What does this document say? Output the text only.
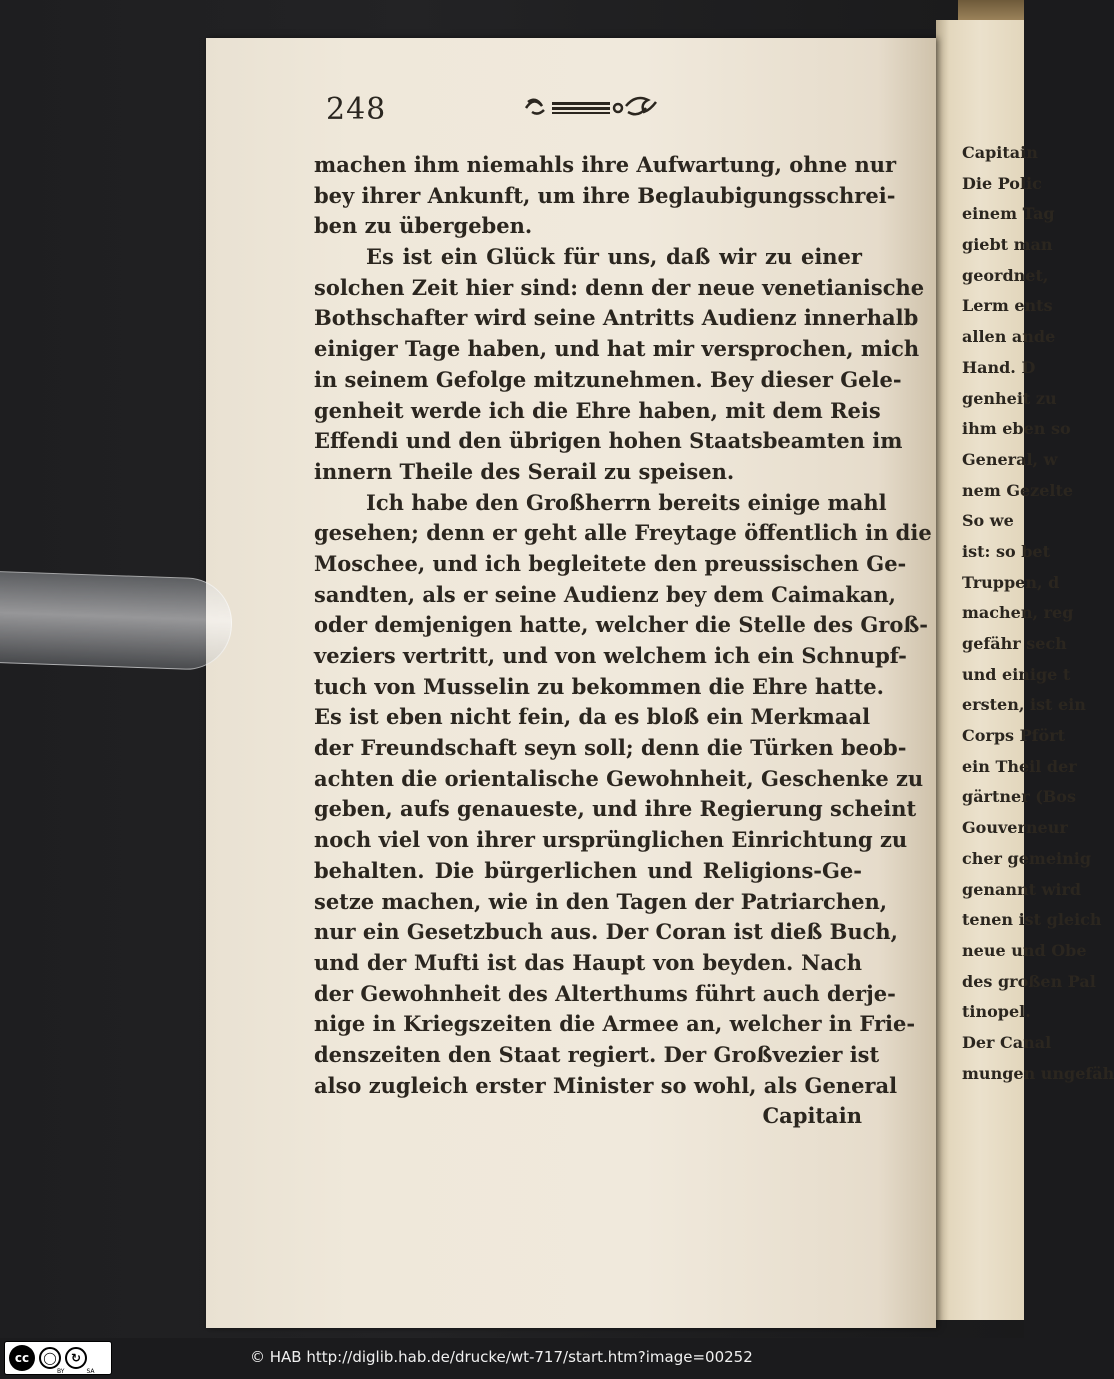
Capitain
Die Polic
einem Tag
giebt man
geordnet,
Lerm ents
allen ande
Hand. D
genheit zu
ihm eben so
General, w
nem Gezelte
So we
ist: so bet
Truppen, d
machen, reg
gefähr sech
und einige t
ersten, ist ein
Corps Pfört
ein Theil der
gärtner (Bos
Gouverneur
cher gemeinig
genannt wird
tenen ist gleich
neue und Obe
des großen Pal
tinopel.
Der Canal
mungen ungefäh
248
machen ihm niemahls ihre Aufwartung, ohne nur
bey ihrer Ankunft, um ihre Beglaubigungsschrei-
ben zu übergeben.
Es ist ein Glück für uns, daß wir zu einer
solchen Zeit hier sind: denn der neue venetianische
Bothschafter wird seine Antritts Audienz innerhalb
einiger Tage haben, und hat mir versprochen, mich
in seinem Gefolge mitzunehmen. Bey dieser Gele-
genheit werde ich die Ehre haben, mit dem Reis
Effendi und den übrigen hohen Staatsbeamten im
innern Theile des Serail zu speisen.
Ich habe den Großherrn bereits einige mahl
gesehen; denn er geht alle Freytage öffentlich in die
Moschee, und ich begleitete den preussischen Ge-
sandten, als er seine Audienz bey dem Caimakan,
oder demjenigen hatte, welcher die Stelle des Groß-
veziers vertritt, und von welchem ich ein Schnupf-
tuch von Musselin zu bekommen die Ehre hatte.
Es ist eben nicht fein, da es bloß ein Merkmaal
der Freundschaft seyn soll; denn die Türken beob-
achten die orientalische Gewohnheit, Geschenke zu
geben, aufs genaueste, und ihre Regierung scheint
noch viel von ihrer ursprünglichen Einrichtung zu
behalten. Die bürgerlichen und Religions-Ge-
setze machen, wie in den Tagen der Patriarchen,
nur ein Gesetzbuch aus. Der Coran ist dieß Buch,
und der Mufti ist das Haupt von beyden. Nach
der Gewohnheit des Alterthums führt auch derje-
nige in Kriegszeiten die Armee an, welcher in Frie-
denszeiten den Staat regiert. Der Großvezier ist
also zugleich erster Minister so wohl, als General
Capitain
cc	◯	↻
BY	SA
© HAB http://diglib.hab.de/drucke/wt-717/start.htm?image=00252
